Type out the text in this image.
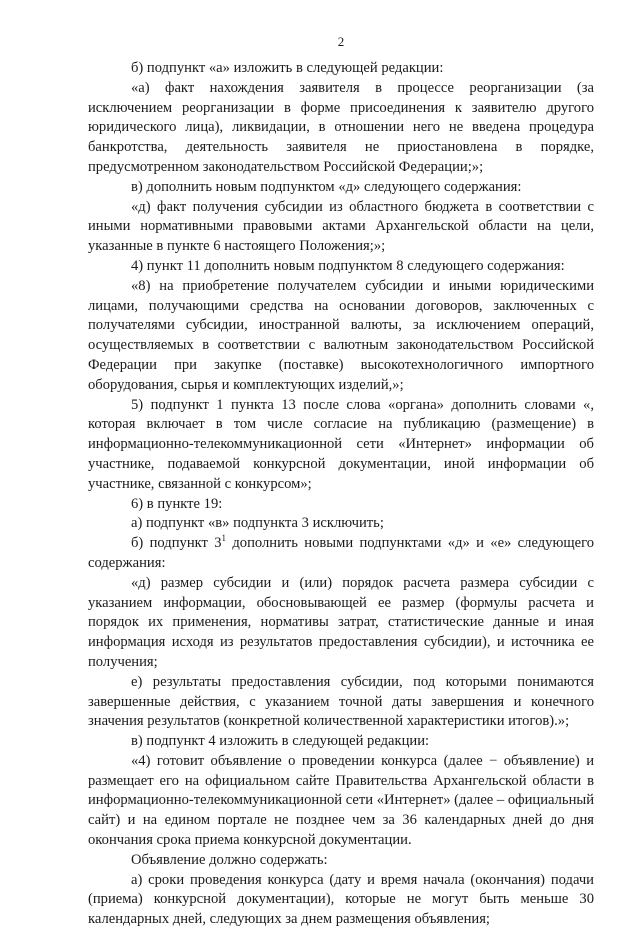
2

б) подпункт «а» изложить в следующей редакции:

«а) факт нахождения заявителя в процессе реорганизации (за исключением реорганизации в форме присоединения к заявителю другого юридического лица), ликвидации, в отношении него не введена процедура банкротства, деятельность заявителя не приостановлена в порядке, предусмотренном законодательством Российской Федерации;»;

в) дополнить новым подпунктом «д» следующего содержания:

«д) факт получения субсидии из областного бюджета в соответствии с иными нормативными правовыми актами Архангельской области на цели, указанные в пункте 6 настоящего Положения;»;

4) пункт 11 дополнить новым подпунктом 8 следующего содержания:

«8) на приобретение получателем субсидии и иными юридическими лицами, получающими средства на основании договоров, заключенных с получателями субсидии, иностранной валюты, за исключением операций, осуществляемых в соответствии с валютным законодательством Российской Федерации при закупке (поставке) высокотехнологичного импортного оборудования, сырья и комплектующих изделий,»;

5) подпункт 1 пункта 13 после слова «органа» дополнить словами «, которая включает в том числе согласие на публикацию (размещение) в информационно-телекоммуникационной сети «Интернет» информации об участнике, подаваемой конкурсной документации, иной информации об участнике, связанной с конкурсом»;

6) в пункте 19:

а) подпункт «в» подпункта 3 исключить;

б) подпункт $3^1$ дополнить новыми подпунктами «д» и «е» следующего содержания:

«д) размер субсидии и (или) порядок расчета размера субсидии с указанием информации, обосновывающей ее размер (формулы расчета и порядок их применения, нормативы затрат, статистические данные и иная информация исходя из результатов предоставления субсидии), и источника ее получения;

е) результаты предоставления субсидии, под которыми понимаются завершенные действия, с указанием точной даты завершения и конечного значения результатов (конкретной количественной характеристики итогов).»;

в) подпункт 4 изложить в следующей редакции:

«4) готовит объявление о проведении конкурса (далее − объявление) и размещает его на официальном сайте Правительства Архангельской области в информационно-телекоммуникационной сети «Интернет» (далее – официальный сайт) и на едином портале не позднее чем за 36 календарных дней до дня окончания срока приема конкурсной документации.

Объявление должно содержать:

а) сроки проведения конкурса (дату и время начала (окончания) подачи (приема) конкурсной документации), которые не могут быть меньше 30 календарных дней, следующих за днем размещения объявления;
